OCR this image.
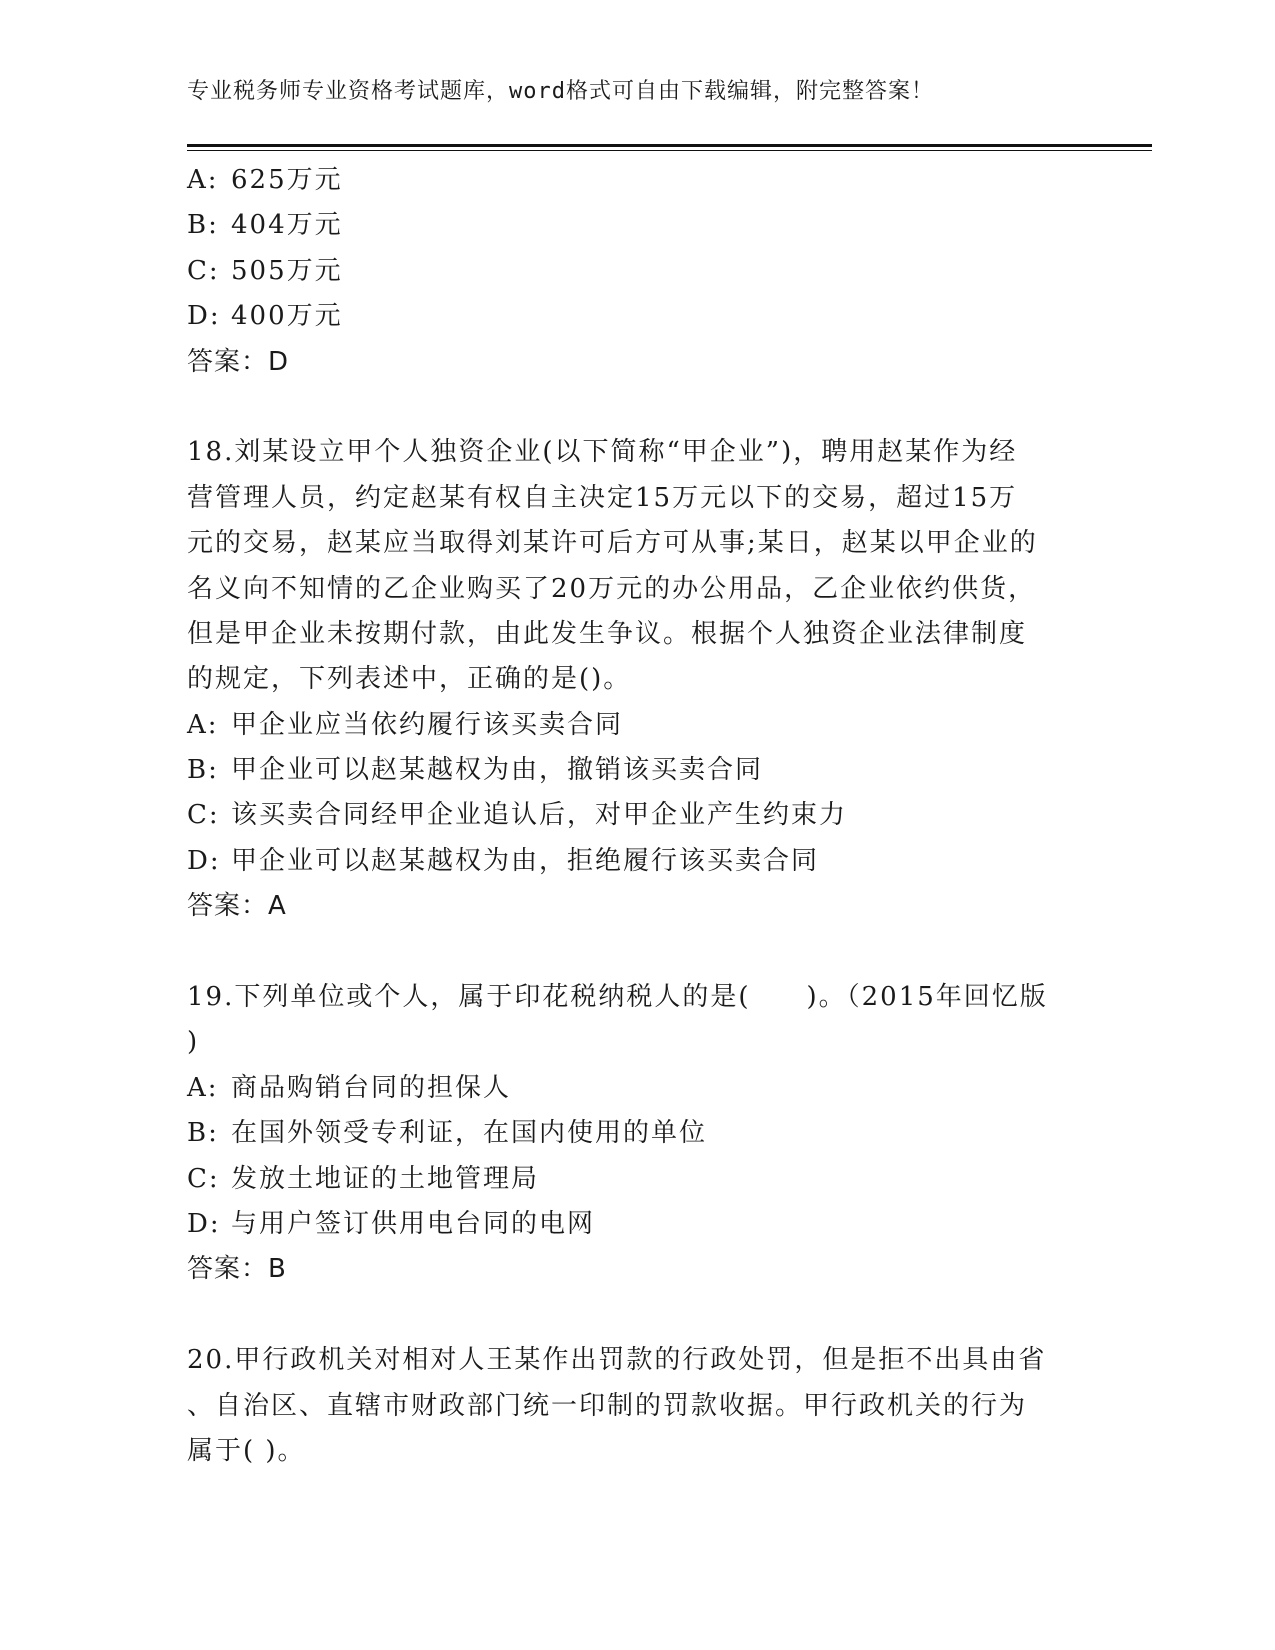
专业税务师专业资格考试题库，word格式可自由下载编辑，附完整答案！
A: 625万元
B: 404万元
C: 505万元
D: 400万元
答案：D
18.刘某设立甲个人独资企业(以下简称“甲企业”)，聘用赵某作为经
营管理人员，约定赵某有权自主决定15万元以下的交易，超过15万
元的交易，赵某应当取得刘某许可后方可从事;某日，赵某以甲企业的
名义向不知情的乙企业购买了20万元的办公用品，乙企业依约供货，
但是甲企业未按期付款，由此发生争议。根据个人独资企业法律制度
的规定，下列表述中，正确的是()。
A: 甲企业应当依约履行该买卖合同
B: 甲企业可以赵某越权为由，撤销该买卖合同
C: 该买卖合同经甲企业追认后，对甲企业产生约束力
D: 甲企业可以赵某越权为由，拒绝履行该买卖合同
答案：A
19.下列单位或个人，属于印花税纳税人的是(　　)。（2015年回忆版
)
A: 商品购销台同的担保人
B: 在国外领受专利证，在国内使用的单位
C: 发放土地证的土地管理局
D: 与用户签订供用电台同的电网
答案：B
20.甲行政机关对相对人王某作出罚款的行政处罚，但是拒不出具由省
、自治区、直辖市财政部门统一印制的罚款收据。甲行政机关的行为
属于( )。
